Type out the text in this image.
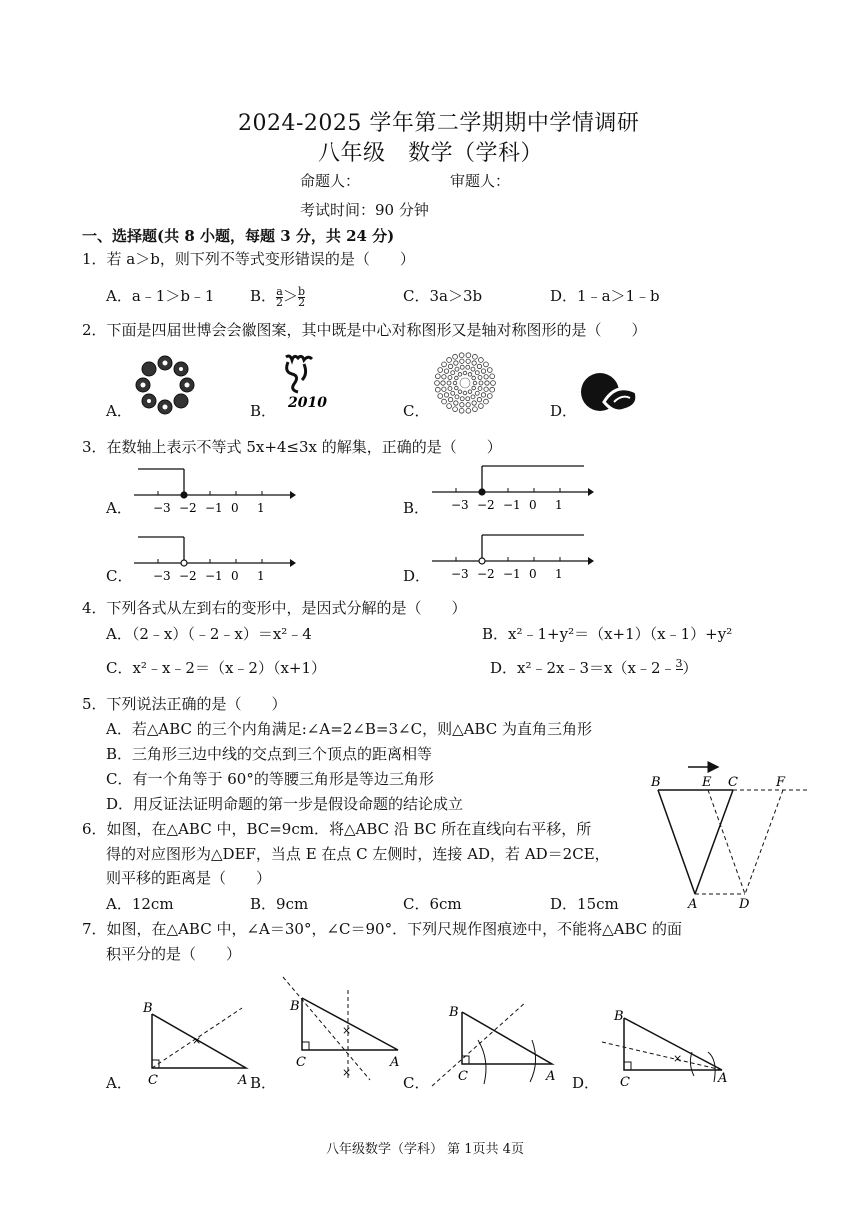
2024-2025 学年第二学期期中学情调研
八年级　数学（学科）
命题人：	审题人：
考试时间：90 分钟
一、选择题(共 8 小题，每题 3 分，共 24 分)
1．若 a＞b，则下列不等式变形错误的是（　　）
A．a﹣1＞b﹣1 B． $\frac{a}{2} > \frac{b}{2}$	C．3a＞3b	D．1﹣a＞1﹣b
2．下面是四届世博会会徽图案，其中既是中心对称图形又是轴对称图形的是（　　）
A．	B．	C．	D．
2010
3．在数轴上表示不等式 5x+4≤3x 的解集，正确的是（　　）
A．	B．
C．	D．
−3 −2 −1 0 1	−3 −2 −1 0 1
−3 −2 −1 0 1	−3 −2 −1 0 1
4．下列各式从左到右的变形中，是因式分解的是（　　）
A．（2﹣x）（﹣2﹣x）＝x²﹣4	B．x²﹣1+y²＝（x+1）（x﹣1）+y²
C．x²﹣x﹣2＝（x﹣2）（x+1）	D．x²﹣2x﹣3＝x（x﹣2﹣ 3
）
5．下列说法正确的是（　　）
A．若△ABC 的三个内角满足:∠A=2∠B=3∠C，则△ABC 为直角三角形
B．三角形三边中线的交点到三个顶点的距离相等
C．有一个角等于 60°的等腰三角形是等边三角形
D．用反证法证明命题的第一步是假设命题的结论成立
6．如图，在△ABC 中，BC=9cm．将△ABC 沿 BC 所在直线向右平移，所
得的对应图形为△DEF，当点 E 在点 C 左侧时，连接 AD，若 AD＝2CE，
则平移的距离是（　　）
A．12cm	B．9cm	C．6cm	D．15cm
B	E C	F
A	D
7．如图，在△ABC 中，∠A＝30°，∠C＝90°．下列尺规作图痕迹中，不能将△ABC 的面
积平分的是（　　）
A．	B．	C．	D．
×
B
C	A
×
×
B
C	A
B
C	A
×
B
C	A
八年级数学（学科） 第 1页共 4页
